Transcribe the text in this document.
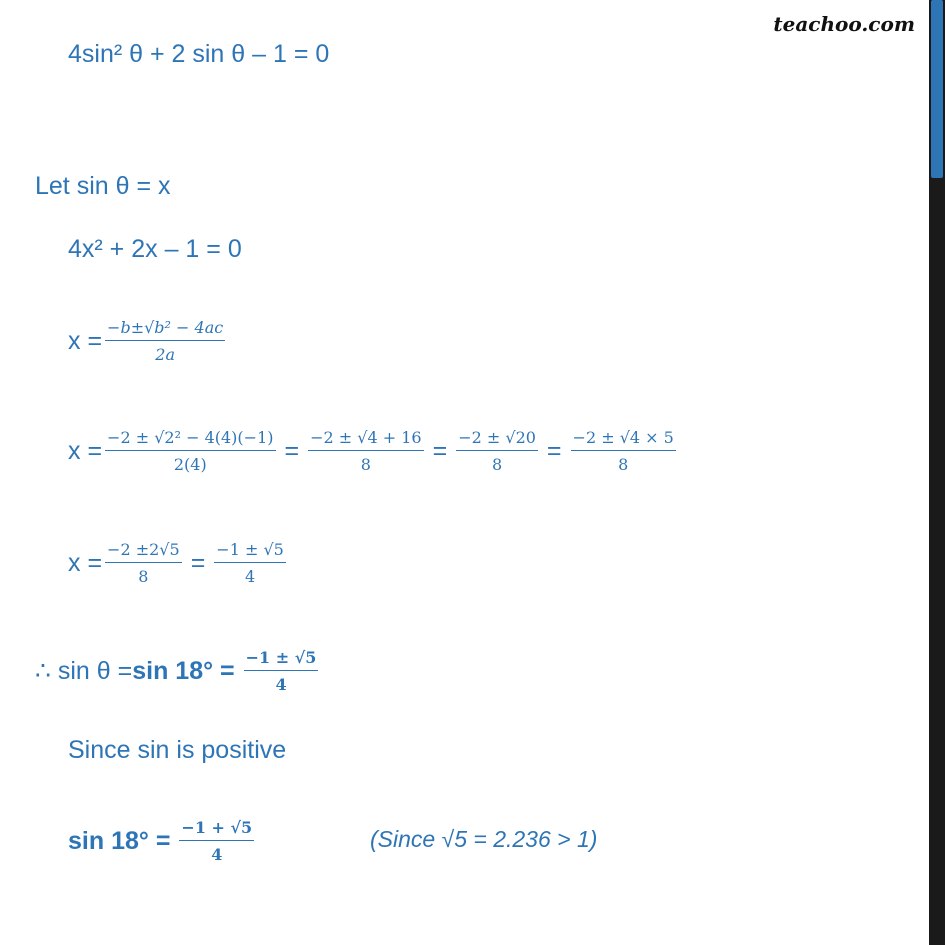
teachoo.com
4sin² θ + 2 sin θ – 1 = 0
Let sin θ = x
4x² + 2x – 1 = 0
$x = \frac{\text{−b±√b² − 4ac}}{2a}$
$x = \frac{\text{−2 ± √2² − 4(4)(−1)}}{2(4)} = \frac{-2 \pm √4 + 16}{8} = \frac{-2 \pm √20}{8} = \frac{-2 \pm √4 \times 5}{8}$
$x = \frac{-2 \pm 2√5}{8} = \frac{-1 \pm √5}{4}$
∴ $\sin \theta = \sin 18^\circ = \frac{-1 \pm √5}{4}$
Since sin is positive
$\sin 18^\circ = \frac{-1 + √5}{4}$	(Since √5 = 2.236 > 1)
